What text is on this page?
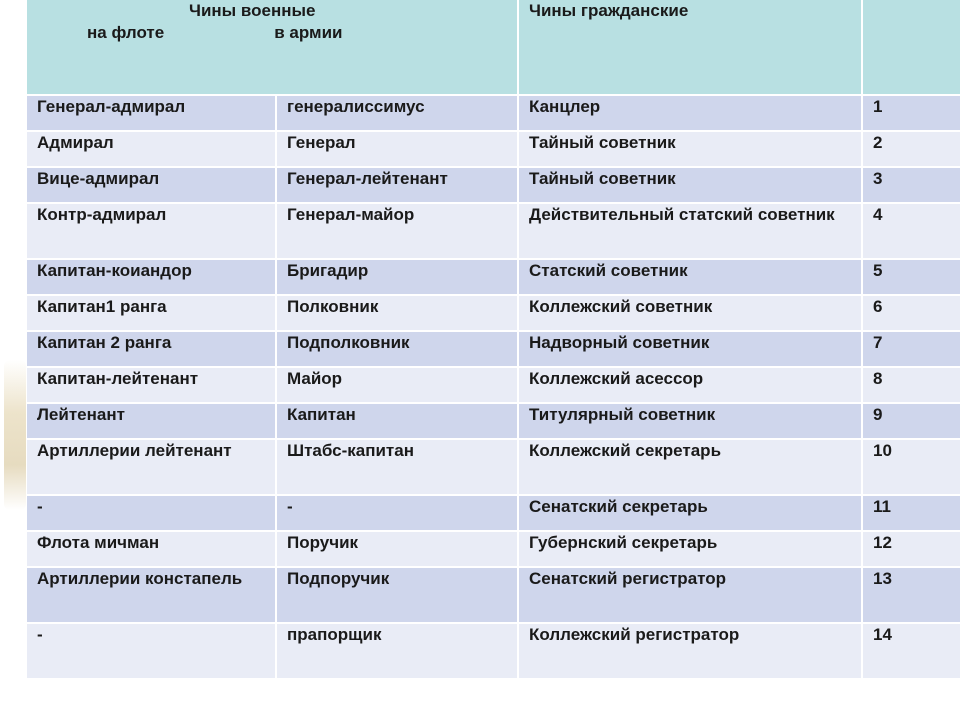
Чины военные
на флоте в армии		Чины гражданские	
Генерал-адмирал	генералиссимус	Канцлер	1
Адмирал	Генерал	Тайный советник	2
Вице-адмирал	Генерал-лейтенант	Тайный советник	3
Контр-адмирал	Генерал-майор	Действительный статский советник	4
Капитан-коиандор	Бригадир	Статский советник	5
Капитан1 ранга	Полковник	Коллежский советник	6
Капитан 2 ранга	Подполковник	Надворный советник	7
Капитан-лейтенант	Майор	Коллежский асессор	8
Лейтенант	Капитан	Титулярный советник	9
Артиллерии лейтенант	Штабс-капитан	Коллежский секретарь	10
-	-	Сенатский секретарь	11
Флота мичман	Поручик	Губернский секретарь	12
Артиллерии констапель	Подпоручик	Сенатский регистратор	13
-	прапорщик	Коллежский регистратор	14
